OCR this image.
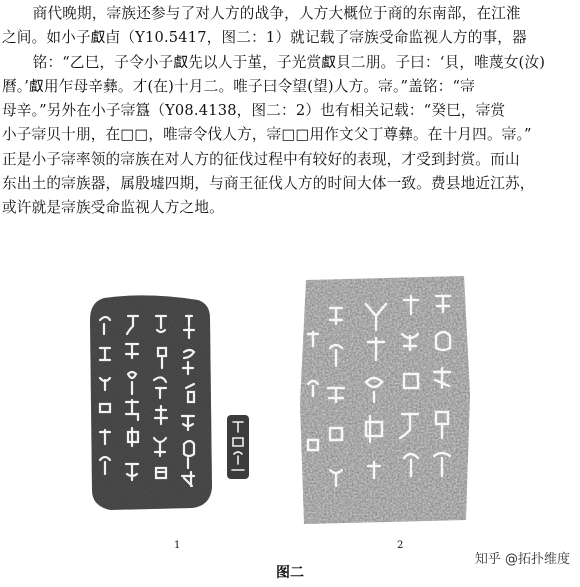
商代晚期，𡨦族还参与了对人方的战争，人方大概位于商的东南部，在江淮

之间。如小子𠭯卣（Y10.5417，图二：1）就记载了𡨦族受命监视人方的事，器

铭：“乙巳，子令小子𠭯先以人于堇，子光赏𠭯貝二朋。子曰：‘貝，唯蔑女(汝)

曆。’𠭯用乍母辛彝。才(在)十月二。唯子曰令望(望)人方。𡨦。”盖铭：“𡨦

母辛。”另外在小子𡨦簋（Y08.4138，图二：2）也有相关记载：“癸巳，𡨦赏

小子𡨦贝十朋，在□□，唯𡨦令伐人方，𡨦□□用作文父丁尊彝。在十月四。𡨦。”

正是小子𡨦率领的𡨦族在对人方的征伐过程中有较好的表现，才受到封赏。而山

东出土的𡨦族器，属殷墟四期，与商王征伐人方的时间大体一致。费县地近江苏，

或许就是𡨦族受命监视人方之地。

1	2
知乎 @拓扑维度
图二
